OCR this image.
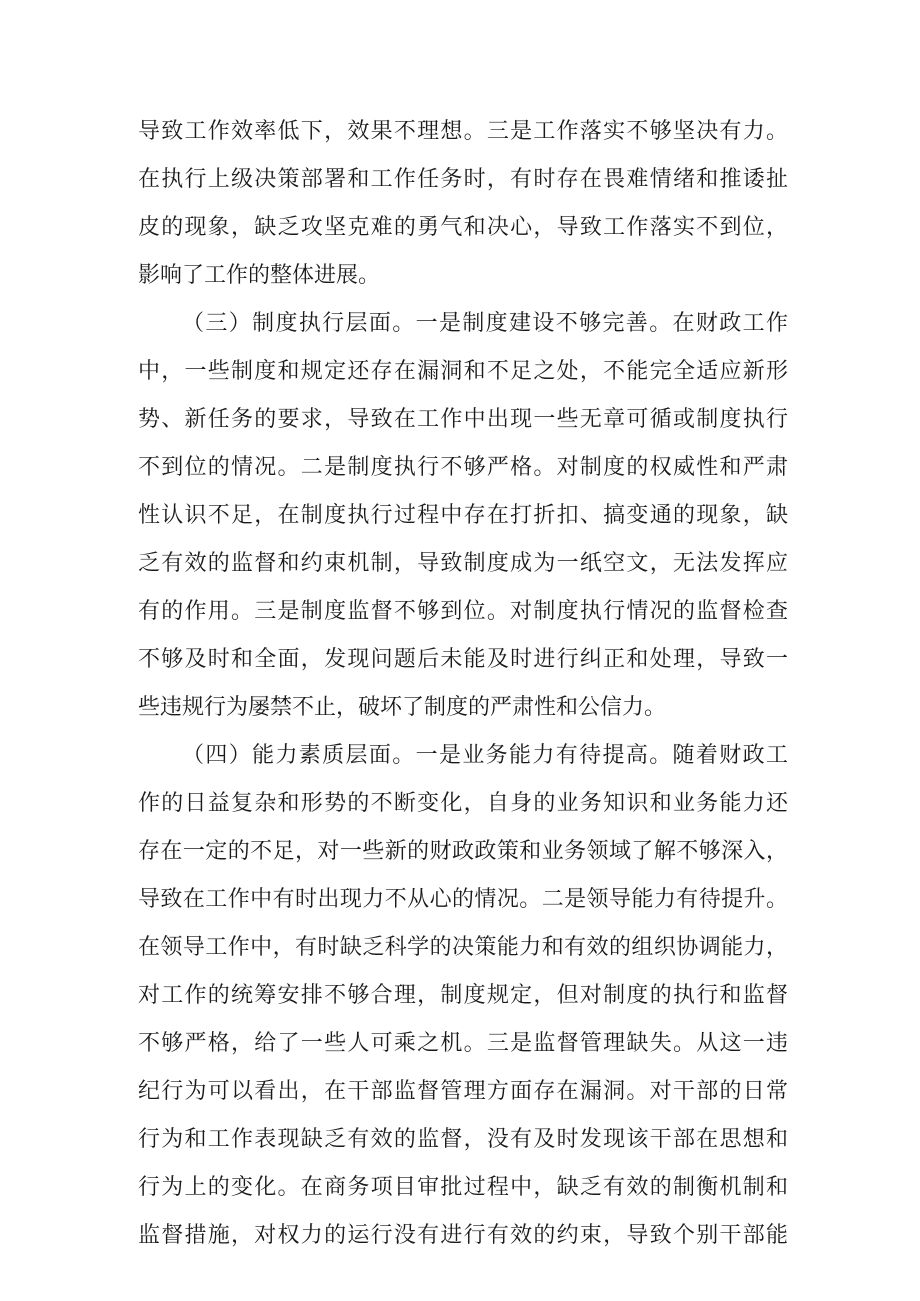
导致工作效率低下，效果不理想。三是工作落实不够坚决有力。
在执行上级决策部署和工作任务时，有时存在畏难情绪和推诿扯
皮的现象，缺乏攻坚克难的勇气和决心，导致工作落实不到位，
影响了工作的整体进展。
（三）制度执行层面。一是制度建设不够完善。在财政工作
中，一些制度和规定还存在漏洞和不足之处，不能完全适应新形
势、新任务的要求，导致在工作中出现一些无章可循或制度执行
不到位的情况。二是制度执行不够严格。对制度的权威性和严肃
性认识不足，在制度执行过程中存在打折扣、搞变通的现象，缺
乏有效的监督和约束机制，导致制度成为一纸空文，无法发挥应
有的作用。三是制度监督不够到位。对制度执行情况的监督检查
不够及时和全面，发现问题后未能及时进行纠正和处理，导致一
些违规行为屡禁不止，破坏了制度的严肃性和公信力。
（四）能力素质层面。一是业务能力有待提高。随着财政工
作的日益复杂和形势的不断变化，自身的业务知识和业务能力还
存在一定的不足，对一些新的财政政策和业务领域了解不够深入，
导致在工作中有时出现力不从心的情况。二是领导能力有待提升。
在领导工作中，有时缺乏科学的决策能力和有效的组织协调能力，
对工作的统筹安排不够合理，制度规定，但对制度的执行和监督
不够严格，给了一些人可乘之机。三是监督管理缺失。从这一违
纪行为可以看出，在干部监督管理方面存在漏洞。对干部的日常
行为和工作表现缺乏有效的监督，没有及时发现该干部在思想和
行为上的变化。在商务项目审批过程中，缺乏有效的制衡机制和
监督措施，对权力的运行没有进行有效的约束，导致个别干部能
